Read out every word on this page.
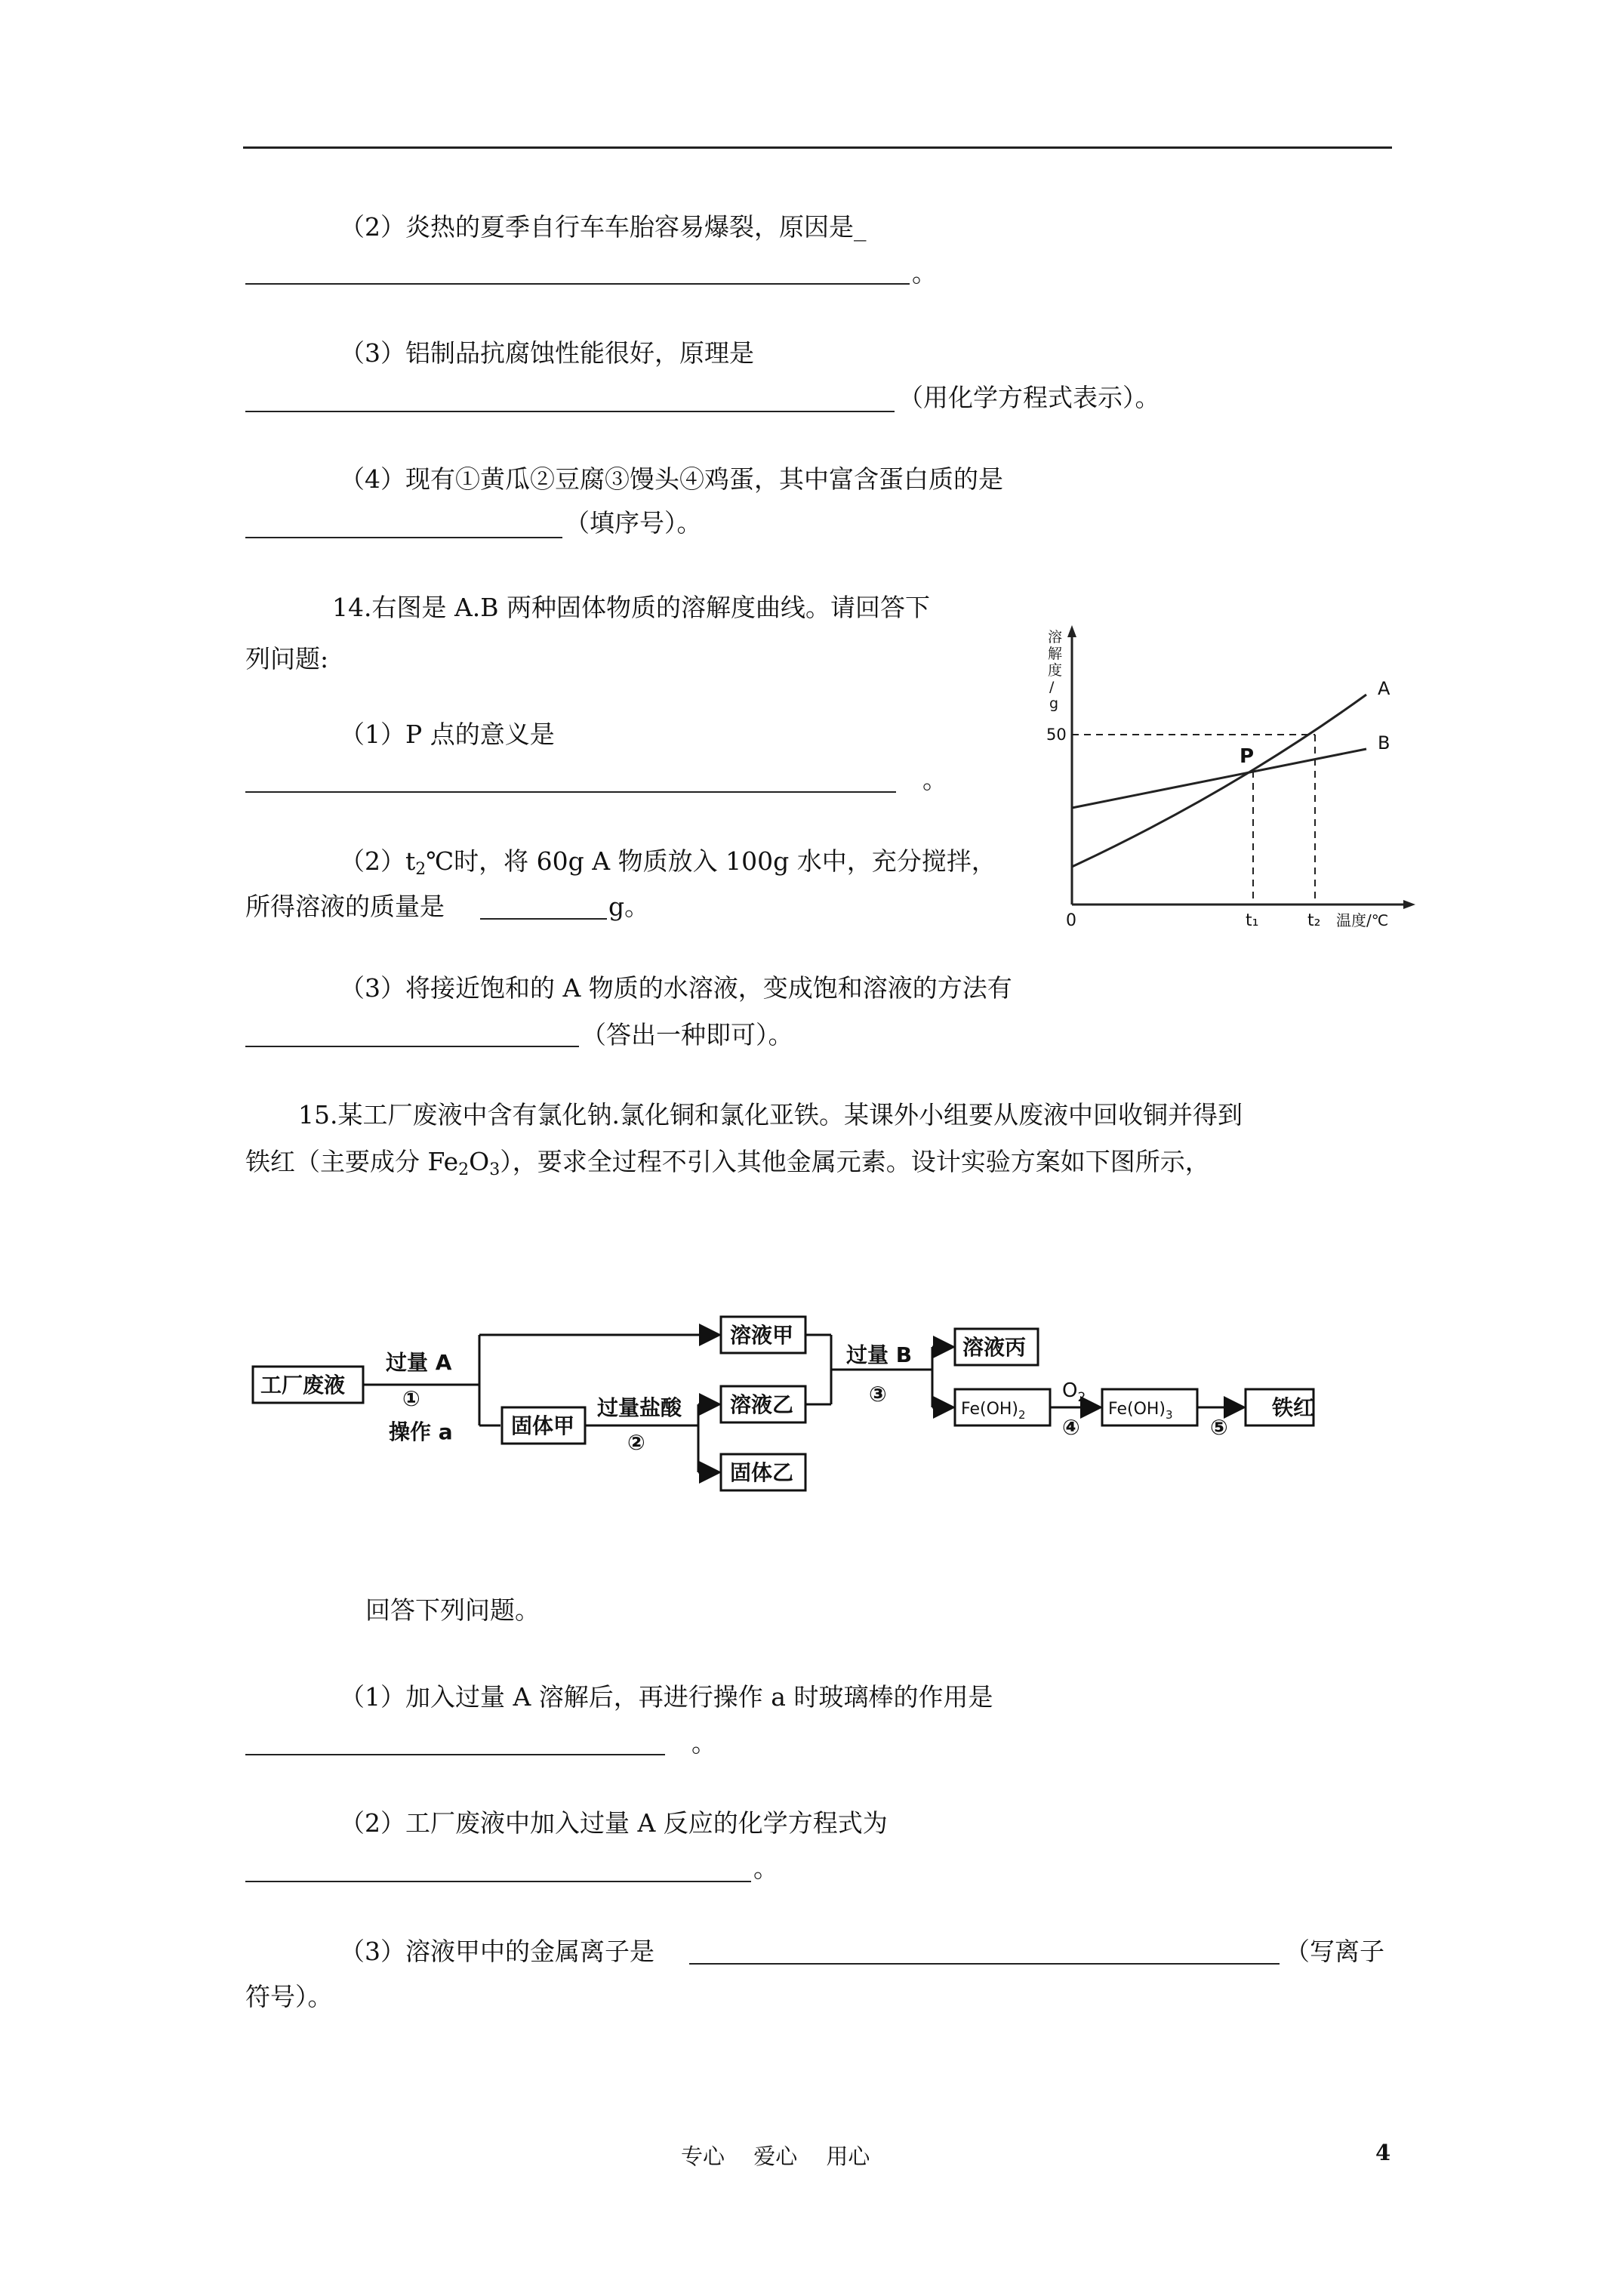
（2）炎热的夏季自行车车胎容易爆裂，原因是_
。
（3）铝制品抗腐蚀性能很好，原理是
（用化学方程式表示）。
（4）现有①黄瓜②豆腐③馒头④鸡蛋，其中富含蛋白质的是
（填序号）。
14.右图是 A.B 两种固体物质的溶解度曲线。请回答下
列问题:
（1）P 点的意义是
。
$(2)t_2℃$时，将 60g A 物质放入 100g 水中，充分搅拌，
所得溶液的质量是	g。
（3）将接近饱和的 A 物质的水溶液，变成饱和溶液的方法有
（答出一种即可）。
溶
解
度
/
g
50
0	t₁	t₂ 温度/℃
A
B
P
15.某工厂废液中含有氯化钠.氯化铜和氯化亚铁。某课外小组要从废液中回收铜并得到
铁红（主要成分 $Fe_2O_3$），要求全过程不引入其他金属元素。设计实验方案如下图所示，
工厂废液
过量 A
①
操作 a	固体甲
过量盐酸
②
溶液甲
溶液乙
固体乙
过量 B
③
溶液丙
铁红
$Fe(OH)_2$	$Fe(OH)_3$
$O_2$
④	⑤
回答下列问题。
（1）加入过量 A 溶解后，再进行操作 a 时玻璃棒的作用是
。
（2）工厂废液中加入过量 A 反应的化学方程式为
。
（3）溶液甲中的金属离子是	（写离子
符号）。
专心　 爱心　 用心	4
